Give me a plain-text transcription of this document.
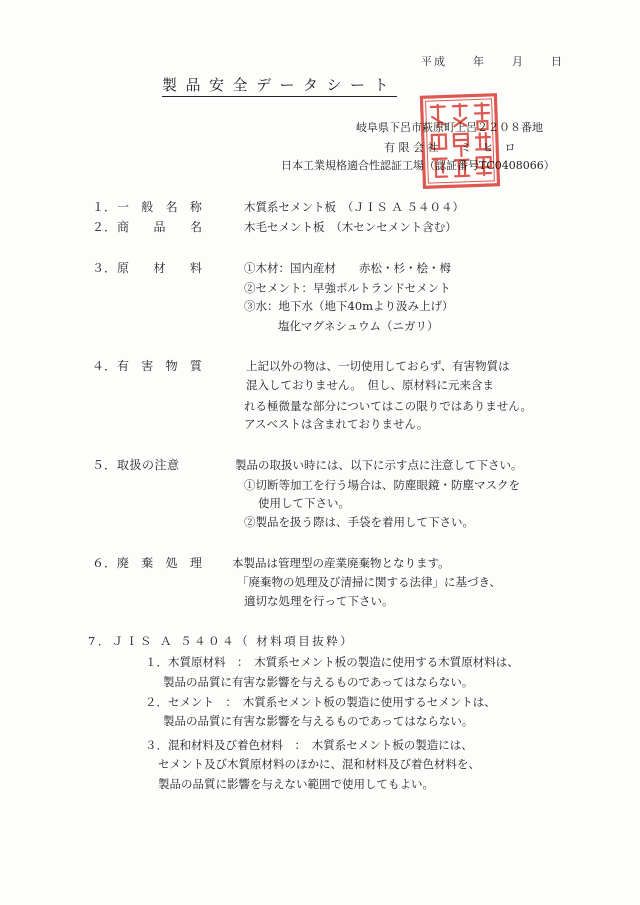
平成　　年　　月　　日
製品安全データシート
岐阜県下呂市萩原町上呂２２０８番地
有 限 会 社　　ミ　ヒ　ロ
日本工業規格適合性認証工場（認証番号TC0408066）
１． 一般名称	木質系セメント板　（ＪＩＳ Ａ ５４０４）
２． 商品名 木毛セメント板　（木センセメント含む）
３． 原材料 ①木材：国内産材　　赤松・杉・桧・栂
②セメント：早強ポルトランドセメント
③水：地下水（地下40mより汲み上げ）
塩化マグネシュウム（ニガリ）
４． 有害物質	上記以外の物は、一切使用しておらず、有害物質は
混入しておりません。　但し、原材料に元来含ま
れる極微量な部分についてはこの限りではありません。
アスベストは含まれておりません。
５． 取扱の注意	製品の取扱い時には、以下に示す点に注意して下さい。
①切断等加工を行う場合は、防塵眼鏡・防塵マスクを
使用して下さい。
②製品を扱う際は、手袋を着用して下さい。
６． 廃棄処理 本製品は管理型の産業廃棄物となります。
「廃棄物の処理及び清掃に関する法律」に基づき、
適切な処理を行って下さい。
7．ＪＩＳ Ａ ５４０４（ 材料項目抜粋）
１．木質原材料　：　木質系セメント板の製造に使用する木質原材料は、
製品の品質に有害な影響を与えるものであってはならない。
２．セメント　：　木質系セメント板の製造に使用するセメントは、
製品の品質に有害な影響を与えるものであってはならない。
３．混和材料及び着色材料　：　木質系セメント板の製造には、
セメント及び木質原材料のほかに、混和材料及び着色材料を、
製品の品質に影響を与えない範囲で使用してもよい。
